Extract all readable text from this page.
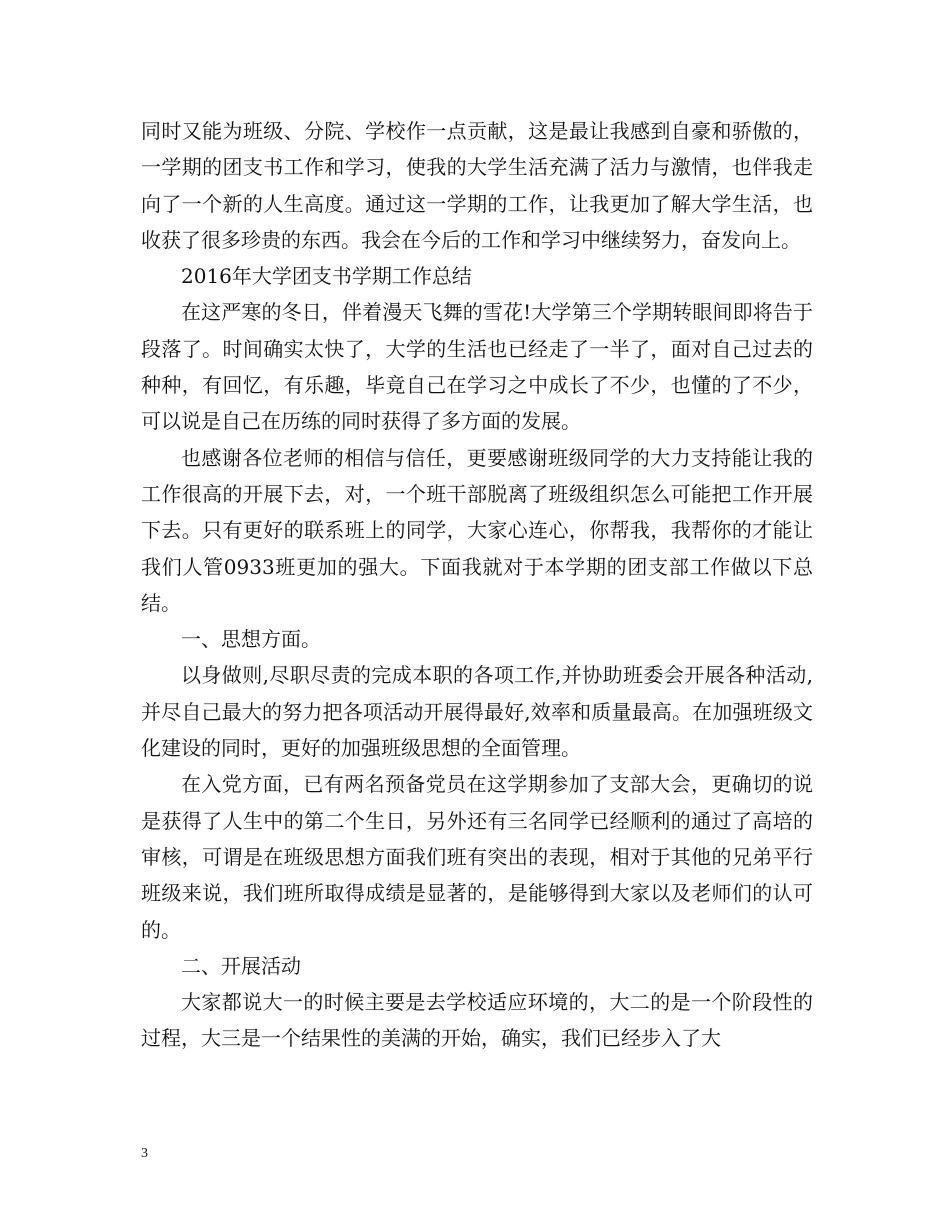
同时又能为班级、分院、学校作一点贡献，这是最让我感到自豪和骄傲的， 一学期的团支书工作和学习，使我的大学生活充满了活力与激情，也伴我走向了一个新的人生高度。通过这一学期的工作，让我更加了解大学生活，也收获了很多珍贵的东西。我会在今后的工作和学习中继续努力，奋发向上。

2016年大学团支书学期工作总结

在这严寒的冬日，伴着漫天飞舞的雪花!大学第三个学期转眼间即将告于段落了。时间确实太快了，大学的生活也已经走了一半了，面对自己过去的种种，有回忆，有乐趣，毕竟自己在学习之中成长了不少，也懂的了不少，可以说是自己在历练的同时获得了多方面的发展。

也感谢各位老师的相信与信任，更要感谢班级同学的大力支持能让我的工作很高的开展下去，对，一个班干部脱离了班级组织怎么可能把工作开展下去。只有更好的联系班上的同学，大家心连心，你帮我，我帮你的才能让我们人管0933班更加的强大。下面我就对于本学期的团支部工作做以下总结。

一、思想方面。

以身做则,尽职尽责的完成本职的各项工作,并协助班委会开展各种活动,并尽自己最大的努力把各项活动开展得最好,效率和质量最高。在加强班级文化建设的同时，更好的加强班级思想的全面管理。

在入党方面，已有两名预备党员在这学期参加了支部大会，更确切的说是获得了人生中的第二个生日，另外还有三名同学已经顺利的通过了高培的审核，可谓是在班级思想方面我们班有突出的表现，相对于其他的兄弟平行班级来说，我们班所取得成绩是显著的，是能够得到大家以及老师们的认可的。

二、开展活动

大家都说大一的时候主要是去学校适应环境的，大二的是一个阶段性的过程，大三是一个结果性的美满的开始，确实，我们已经步入了大

3
